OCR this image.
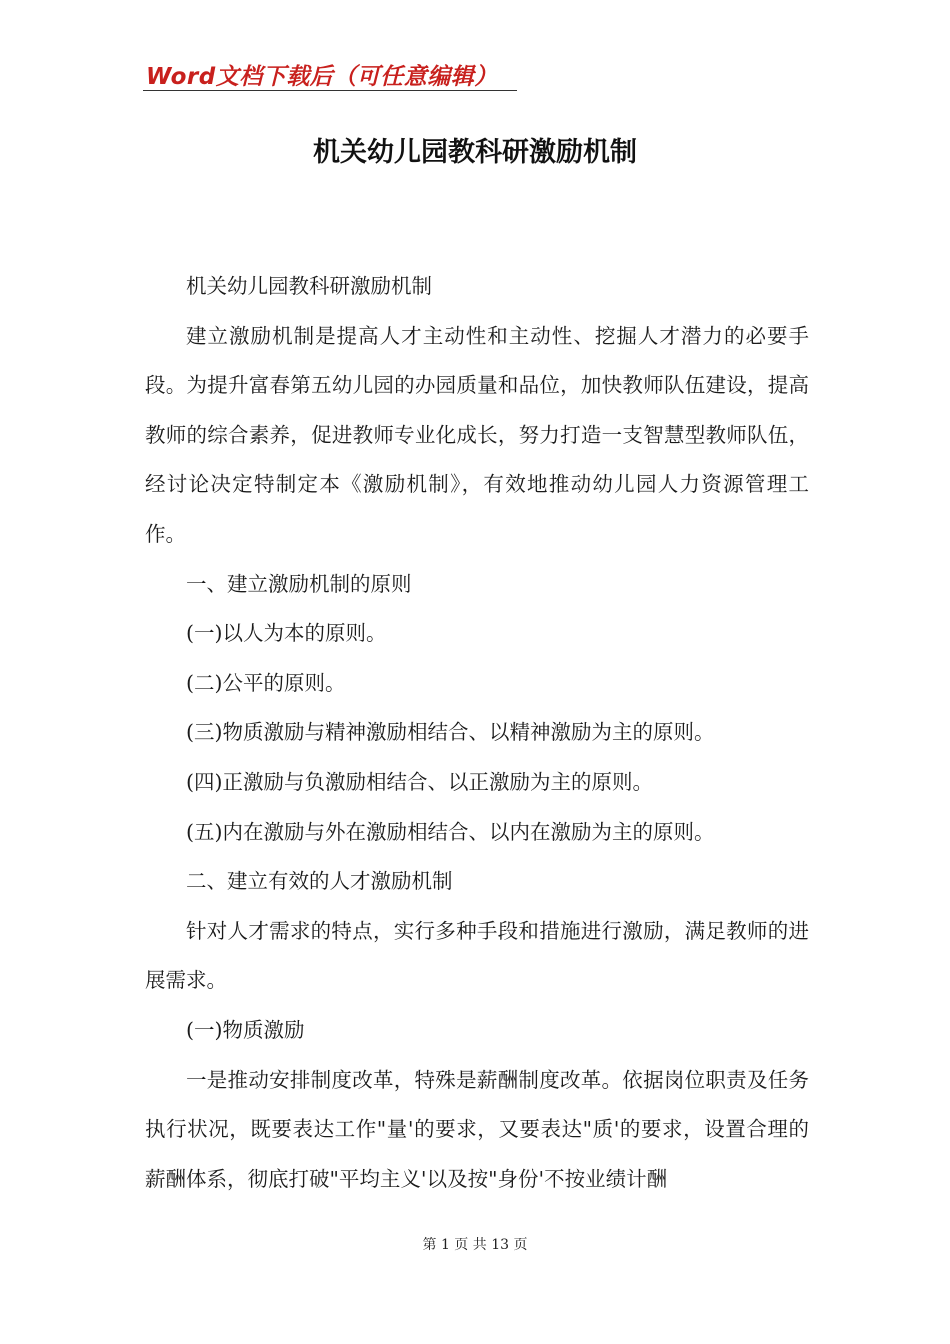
Word文档下载后（可任意编辑）
机关幼儿园教科研激励机制

机关幼儿园教科研激励机制

建立激励机制是提高人才主动性和主动性、挖掘人才潜力的必要手段。为提升富春第五幼儿园的办园质量和品位，加快教师队伍建设，提高教师的综合素养，促进教师专业化成长，努力打造一支智慧型教师队伍，经讨论决定特制定本《激励机制》，有效地推动幼儿园人力资源管理工作。

一、建立激励机制的原则

(一)以人为本的原则。

(二)公平的原则。

(三)物质激励与精神激励相结合、以精神激励为主的原则。

(四)正激励与负激励相结合、以正激励为主的原则。

(五)内在激励与外在激励相结合、以内在激励为主的原则。

二、建立有效的人才激励机制

针对人才需求的特点，实行多种手段和措施进行激励，满足教师的进展需求。

(一)物质激励

一是推动安排制度改革，特殊是薪酬制度改革。依据岗位职责及任务执行状况，既要表达工作"量'的要求，又要表达"质'的要求，设置合理的薪酬体系，彻底打破"平均主义'以及按"身份'不按业绩计酬

第 1 页 共 13 页
